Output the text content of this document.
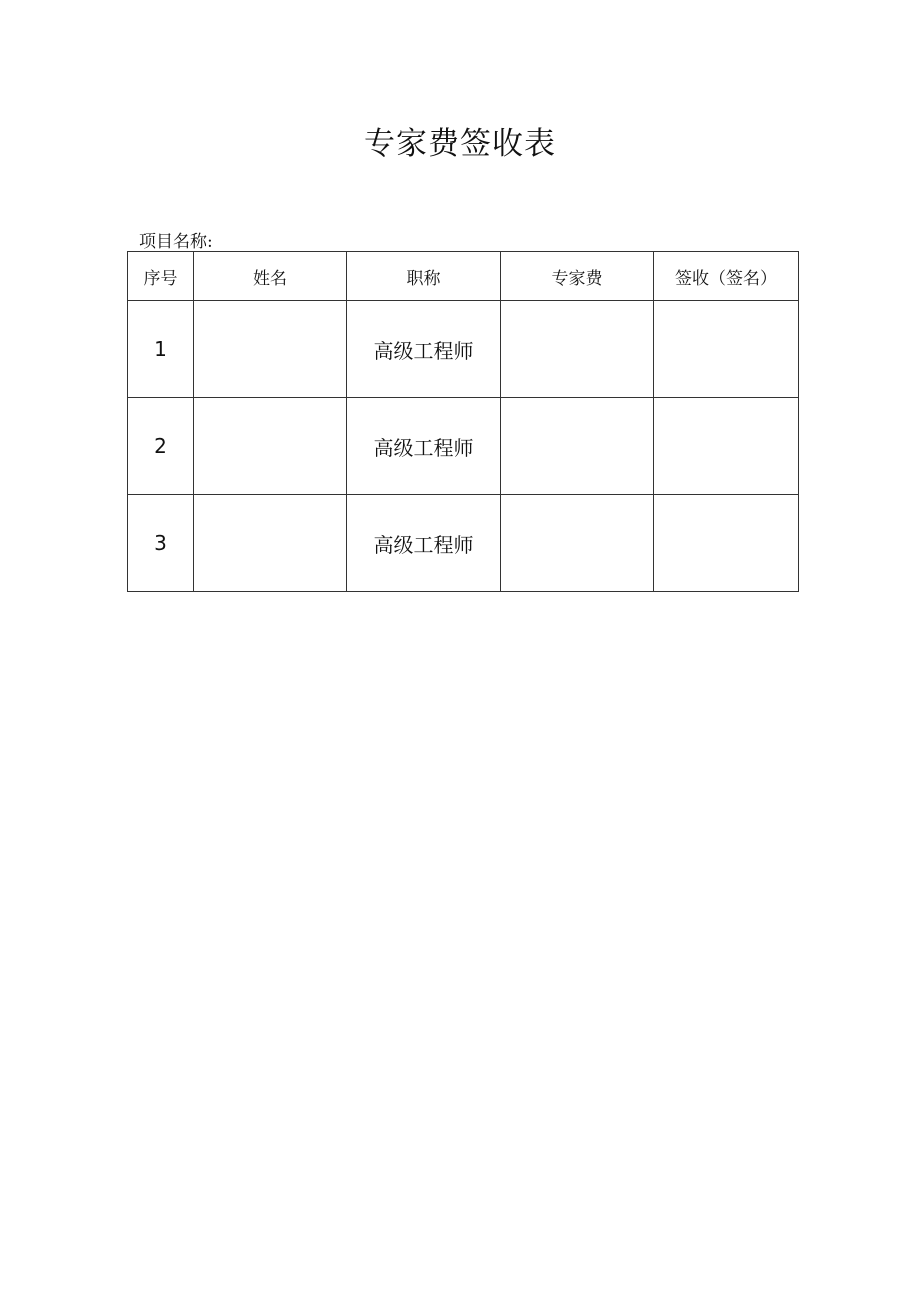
专家费签收表
项目名称:
序号	姓名	职称	专家费	签收（签名）
1		高级工程师		
2		高级工程师		
3		高级工程师		
